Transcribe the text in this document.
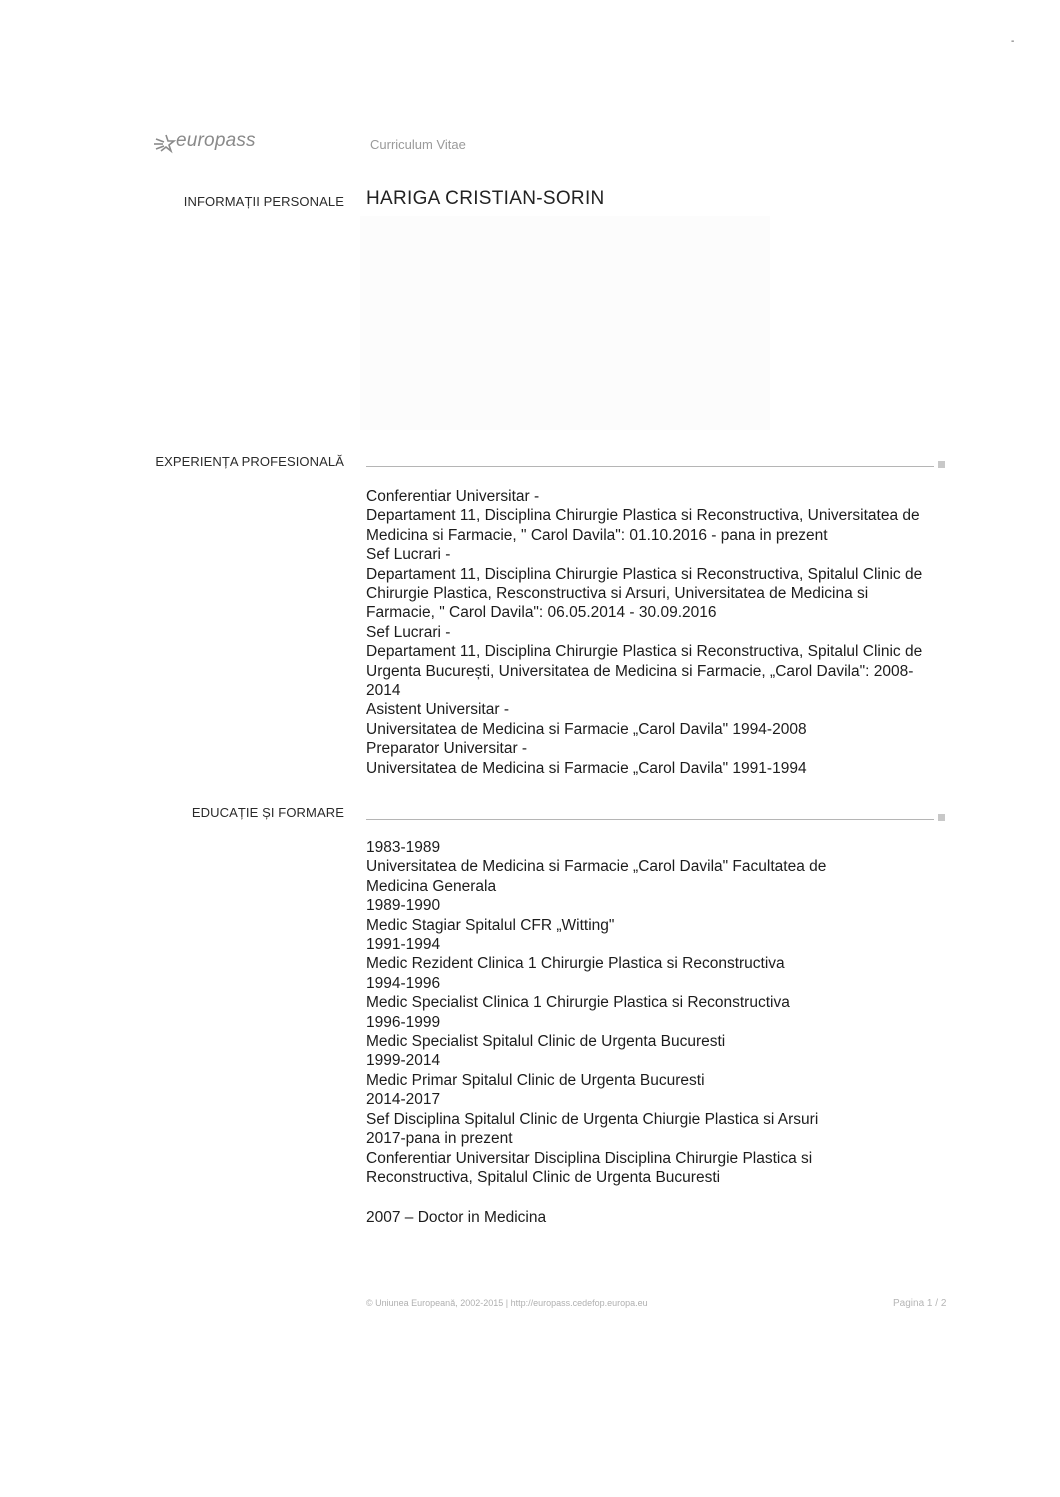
-
europass	Curriculum Vitae
INFORMAȚII PERSONALE HARIGA CRISTIAN-SORIN
EXPERIENȚA PROFESIONALĂ
Conferentiar Universitar -
Departament 11, Disciplina Chirurgie Plastica si Reconstructiva, Universitatea de
Medicina si Farmacie, " Carol Davila": 01.10.2016 - pana in prezent
Sef Lucrari -
Departament 11, Disciplina Chirurgie Plastica si Reconstructiva, Spitalul Clinic de
Chirurgie Plastica, Resconstructiva si Arsuri, Universitatea de Medicina si
Farmacie, " Carol Davila": 06.05.2014 - 30.09.2016
Sef Lucrari -
Departament 11, Disciplina Chirurgie Plastica si Reconstructiva, Spitalul Clinic de
Urgenta București, Universitatea de Medicina si Farmacie, „Carol Davila": 2008-
2014
Asistent Universitar -
Universitatea de Medicina si Farmacie „Carol Davila" 1994-2008
Preparator Universitar -
Universitatea de Medicina si Farmacie „Carol Davila" 1991-1994
EDUCAȚIE ȘI FORMARE
1983-1989
Universitatea de Medicina si Farmacie „Carol Davila" Facultatea de
Medicina Generala
1989-1990
Medic Stagiar Spitalul CFR „Witting"
1991-1994
Medic Rezident Clinica 1 Chirurgie Plastica si Reconstructiva
1994-1996
Medic Specialist Clinica 1 Chirurgie Plastica si Reconstructiva
1996-1999
Medic Specialist Spitalul Clinic de Urgenta Bucuresti
1999-2014
Medic Primar Spitalul Clinic de Urgenta Bucuresti
2014-2017
Sef Disciplina Spitalul Clinic de Urgenta Chiurgie Plastica si Arsuri
2017-pana in prezent
Conferentiar Universitar Disciplina Disciplina Chirurgie Plastica si
Reconstructiva, Spitalul Clinic de Urgenta Bucuresti
2007 – Doctor in Medicina
© Uniunea Europeană, 2002-2015 | http://europass.cedefop.europa.eu	Pagina 1 / 2
